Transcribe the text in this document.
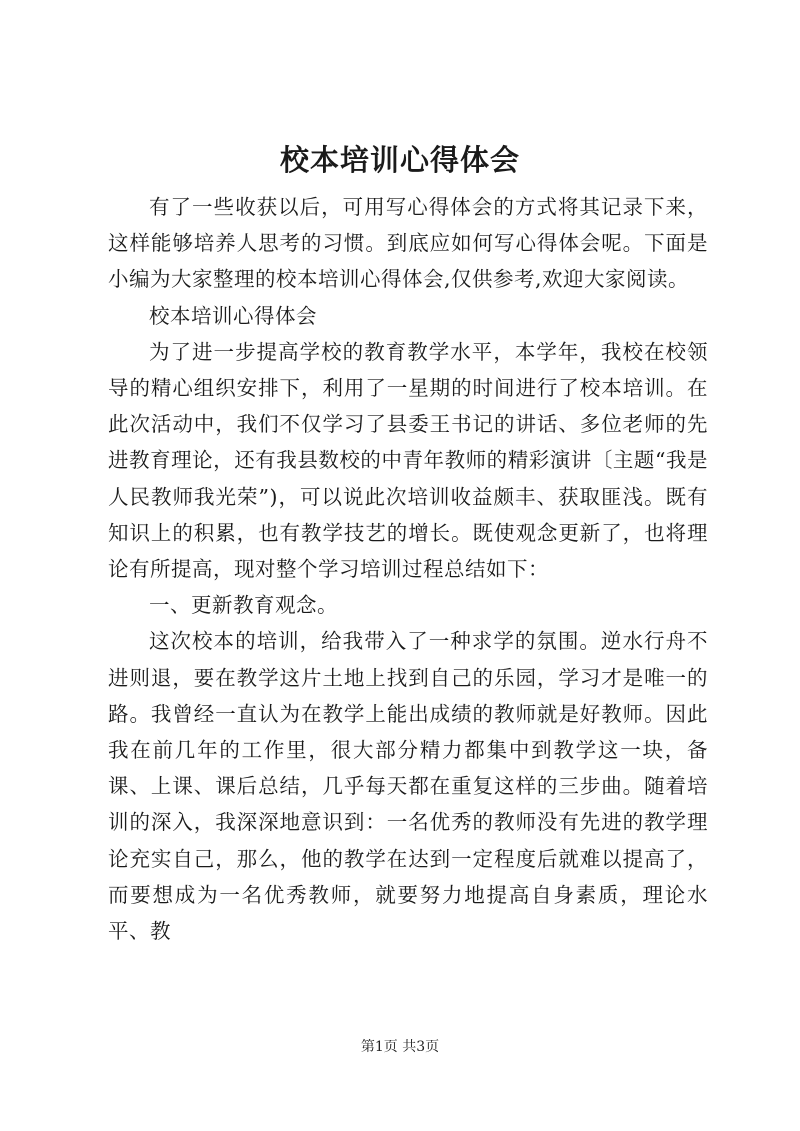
校本培训心得体会

有了一些收获以后，可用写心得体会的方式将其记录下来，这样能够培养人思考的习惯。到底应如何写心得体会呢。下面是小编为大家整理的校本培训心得体会,仅供参考,欢迎大家阅读。

校本培训心得体会

为了进一步提高学校的教育教学水平，本学年，我校在校领导的精心组织安排下，利用了一星期的时间进行了校本培训。在此次活动中，我们不仅学习了县委王书记的讲话、多位老师的先进教育理论，还有我县数校的中青年教师的精彩演讲〔主题“我是人民教师我光荣”)，可以说此次培训收益颇丰、获取匪浅。既有知识上的积累，也有教学技艺的增长。既使观念更新了，也将理论有所提高，现对整个学习培训过程总结如下：

一、更新教育观念。

这次校本的培训，给我带入了一种求学的氛围。逆水行舟不进则退，要在教学这片土地上找到自己的乐园，学习才是唯一的路。我曾经一直认为在教学上能出成绩的教师就是好教师。因此我在前几年的工作里，很大部分精力都集中到教学这一块，备课、上课、课后总结，几乎每天都在重复这样的三步曲。随着培训的深入，我深深地意识到：一名优秀的教师没有先进的教学理论充实自己，那么，他的教学在达到一定程度后就难以提高了，而要想成为一名优秀教师，就要努力地提高自身素质，理论水平、教

第1页 共3页
